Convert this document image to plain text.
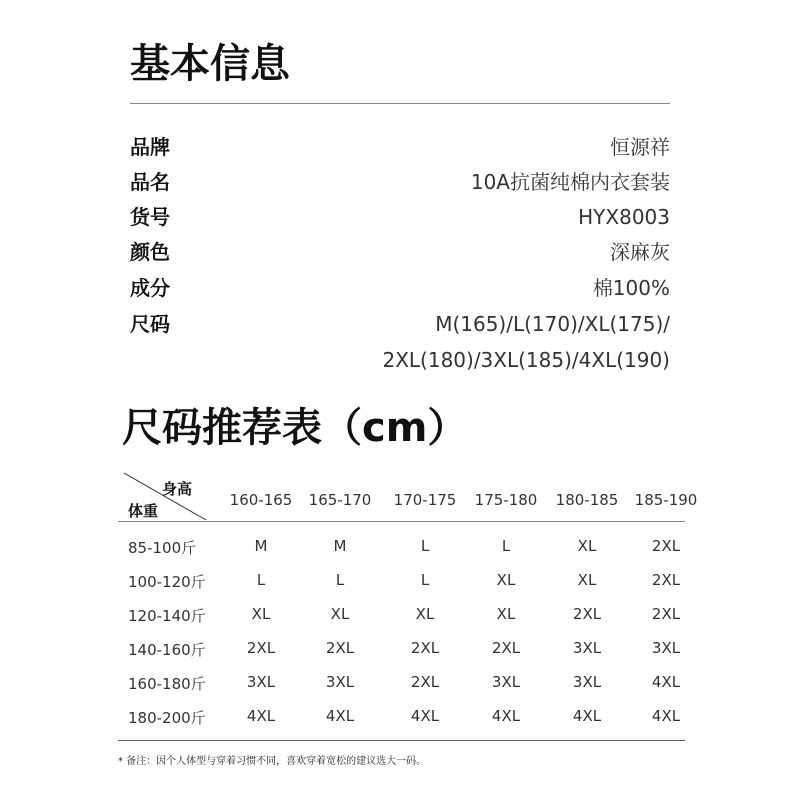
基本信息
品牌	恒源祥
品名	10A抗菌纯棉内衣套装
货号	HYX8003
颜色	深麻灰
成分	棉100%
尺码	M(165)/L(170)/XL(175)/
2XL(180)/3XL(185)/4XL(190)
尺码推荐表（cm）
身高
体重
160-165	165-170	170-175	175-180	180-185	185-190
85-100斤	M	M	L	L	XL	2XL
100-120斤	L	L	L	XL	XL	2XL
120-140斤	XL	XL	XL	XL	2XL	2XL
140-160斤	2XL	2XL	2XL	2XL	3XL	3XL
160-180斤	3XL	3XL	2XL	3XL	3XL	4XL
180-200斤	4XL	4XL	4XL	4XL	4XL	4XL
* 备注：因个人体型与穿着习惯不同，喜欢穿着宽松的建议选大一码。
